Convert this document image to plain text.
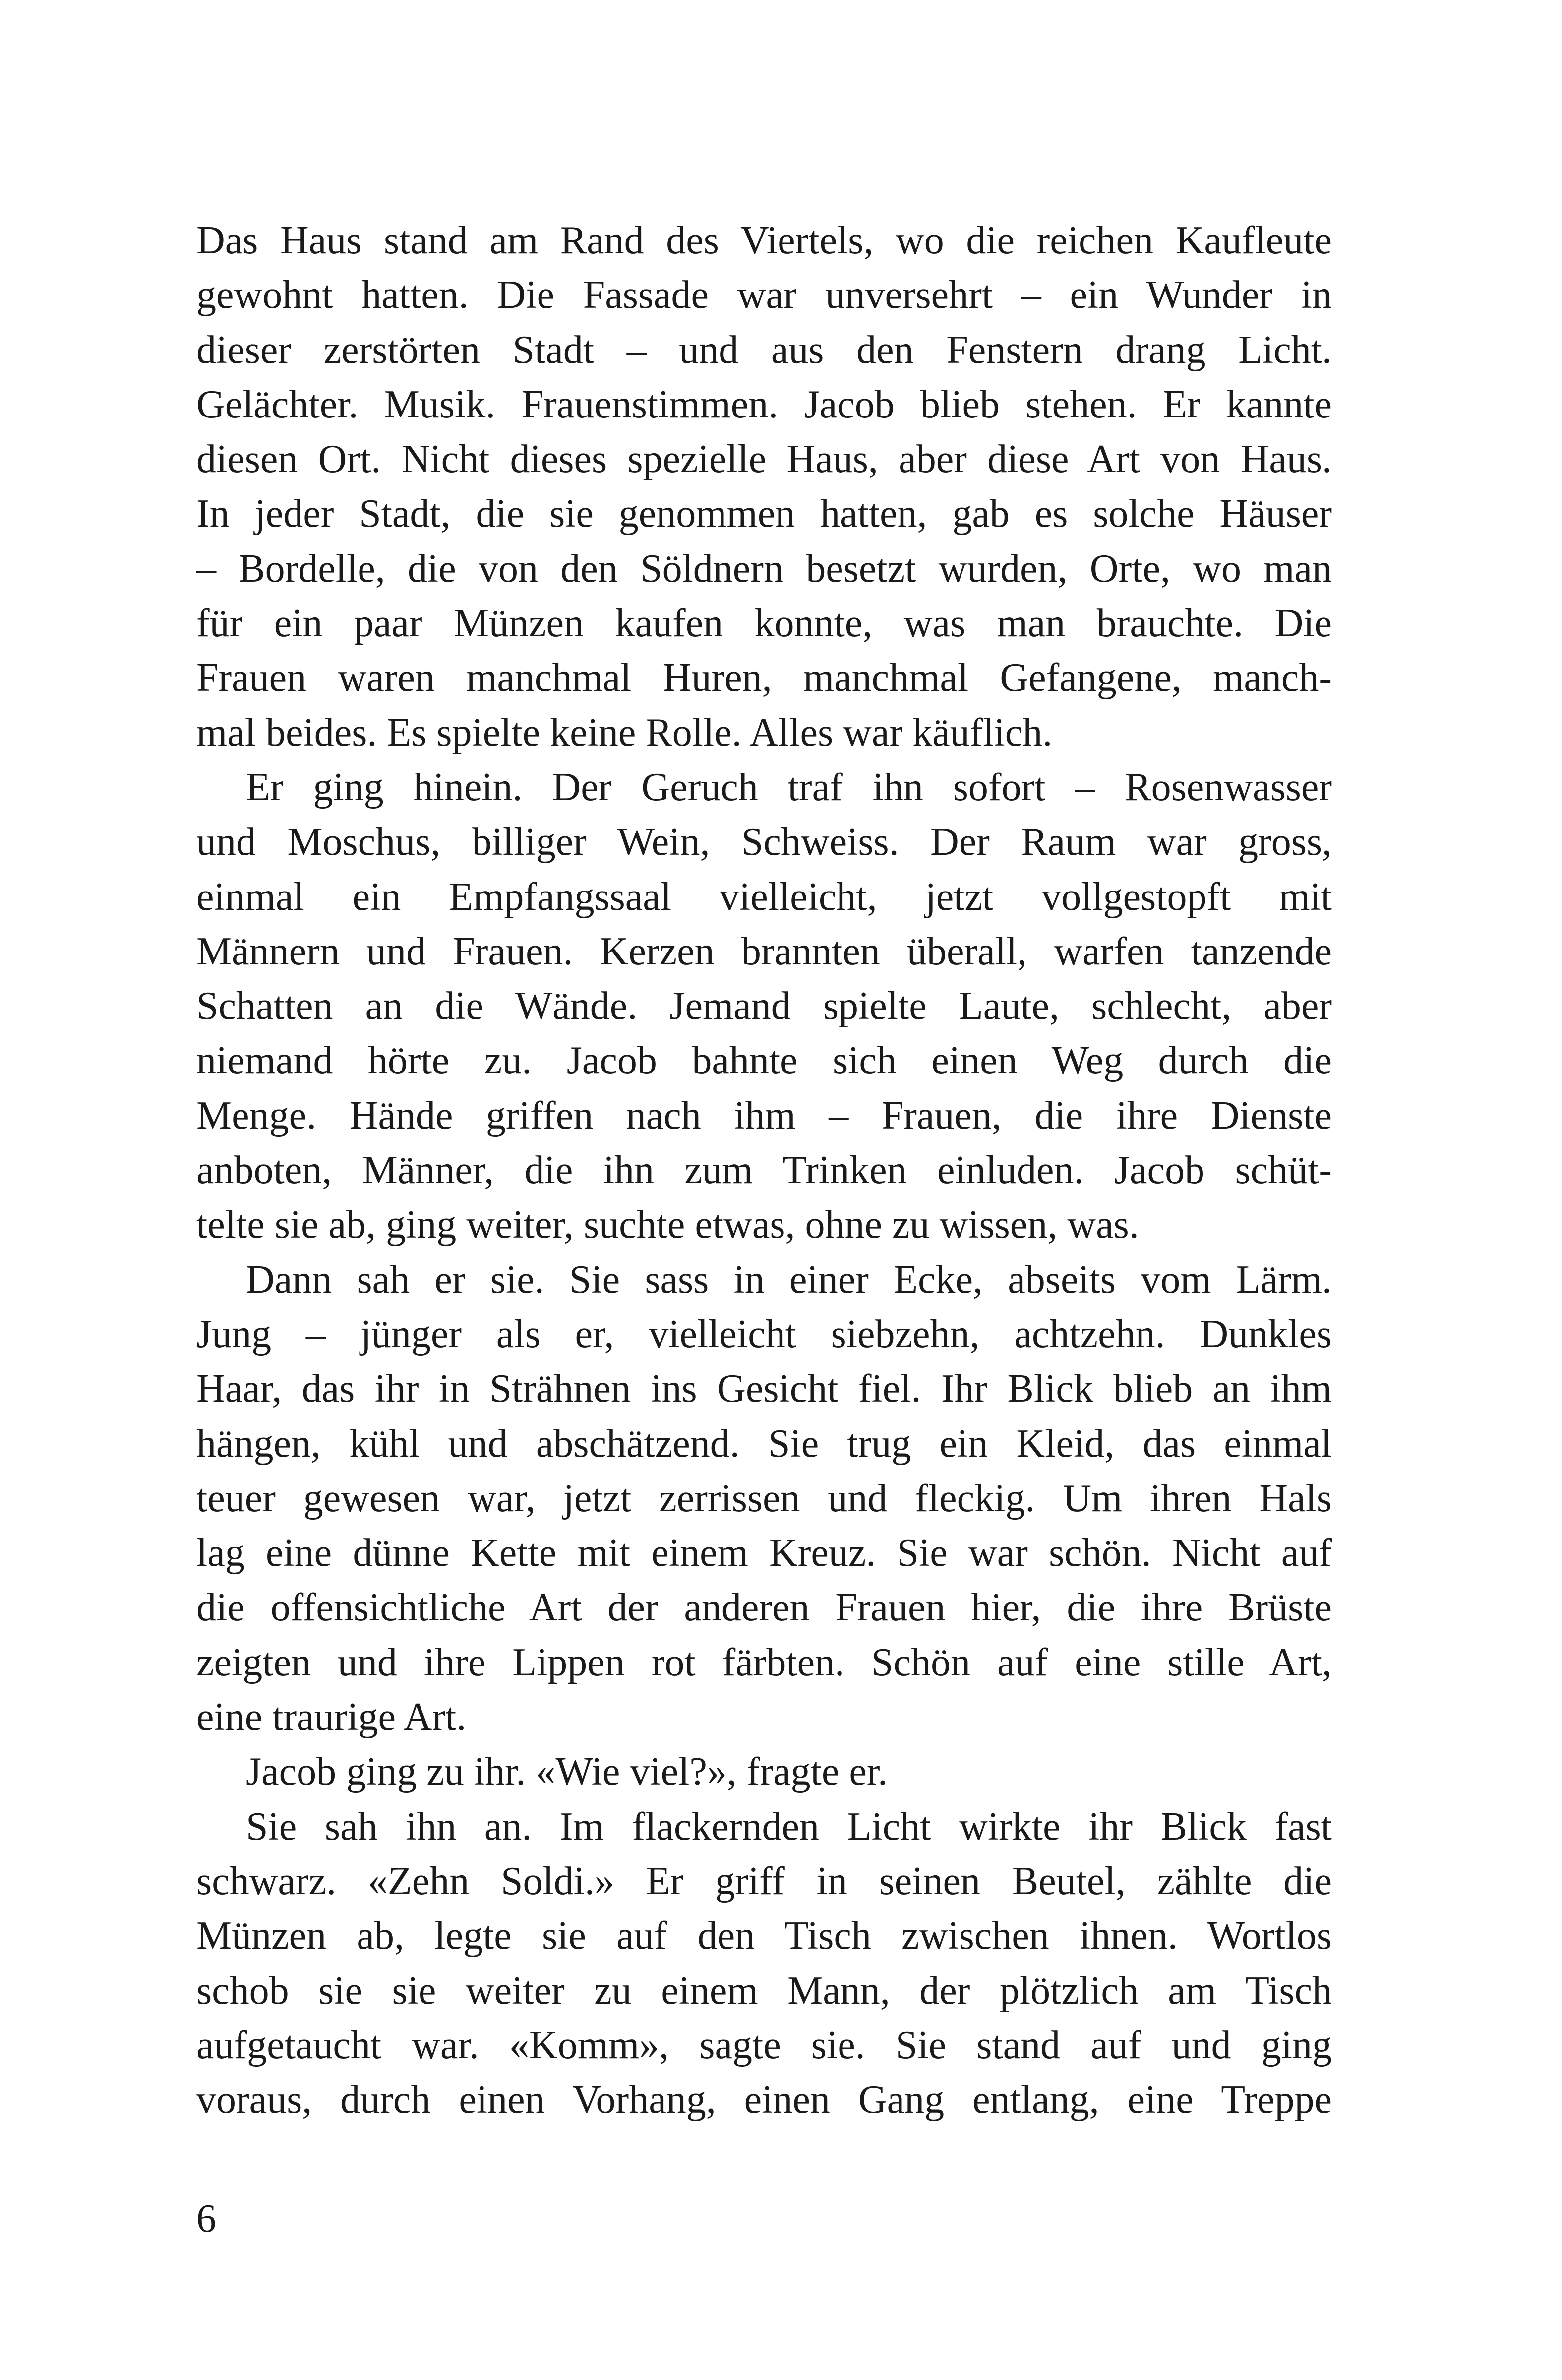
Das Haus stand am Rand des Viertels, wo die reichen Kaufleute
gewohnt hatten. Die Fassade war unversehrt – ein Wunder in
dieser zerstörten Stadt – und aus den Fenstern drang Licht.
Gelächter. Musik. Frauenstimmen. Jacob blieb stehen. Er kannte
diesen Ort. Nicht dieses spezielle Haus, aber diese Art von Haus.
In jeder Stadt, die sie genommen hatten, gab es solche Häuser
– Bordelle, die von den Söldnern besetzt wurden, Orte, wo man
für ein paar Münzen kaufen konnte, was man brauchte. Die
Frauen waren manchmal Huren, manchmal Gefangene, manch-
mal beides. Es spielte keine Rolle. Alles war käuflich.
Er ging hinein. Der Geruch traf ihn sofort – Rosenwasser
und Moschus, billiger Wein, Schweiss. Der Raum war gross,
einmal ein Empfangssaal vielleicht, jetzt vollgestopft mit
Männern und Frauen. Kerzen brannten überall, warfen tanzende
Schatten an die Wände. Jemand spielte Laute, schlecht, aber
niemand hörte zu. Jacob bahnte sich einen Weg durch die
Menge. Hände griffen nach ihm – Frauen, die ihre Dienste
anboten, Männer, die ihn zum Trinken einluden. Jacob schüt-
telte sie ab, ging weiter, suchte etwas, ohne zu wissen, was.
Dann sah er sie. Sie sass in einer Ecke, abseits vom Lärm.
Jung – jünger als er, vielleicht siebzehn, achtzehn. Dunkles
Haar, das ihr in Strähnen ins Gesicht fiel. Ihr Blick blieb an ihm
hängen, kühl und abschätzend. Sie trug ein Kleid, das einmal
teuer gewesen war, jetzt zerrissen und fleckig. Um ihren Hals
lag eine dünne Kette mit einem Kreuz. Sie war schön. Nicht auf
die offensichtliche Art der anderen Frauen hier, die ihre Brüste
zeigten und ihre Lippen rot färbten. Schön auf eine stille Art,
eine traurige Art.
Jacob ging zu ihr. «Wie viel?», fragte er.
Sie sah ihn an. Im flackernden Licht wirkte ihr Blick fast
schwarz. «Zehn Soldi.» Er griff in seinen Beutel, zählte die
Münzen ab, legte sie auf den Tisch zwischen ihnen. Wortlos
schob sie sie weiter zu einem Mann, der plötzlich am Tisch
aufgetaucht war. «Komm», sagte sie. Sie stand auf und ging
voraus, durch einen Vorhang, einen Gang entlang, eine Treppe
6
